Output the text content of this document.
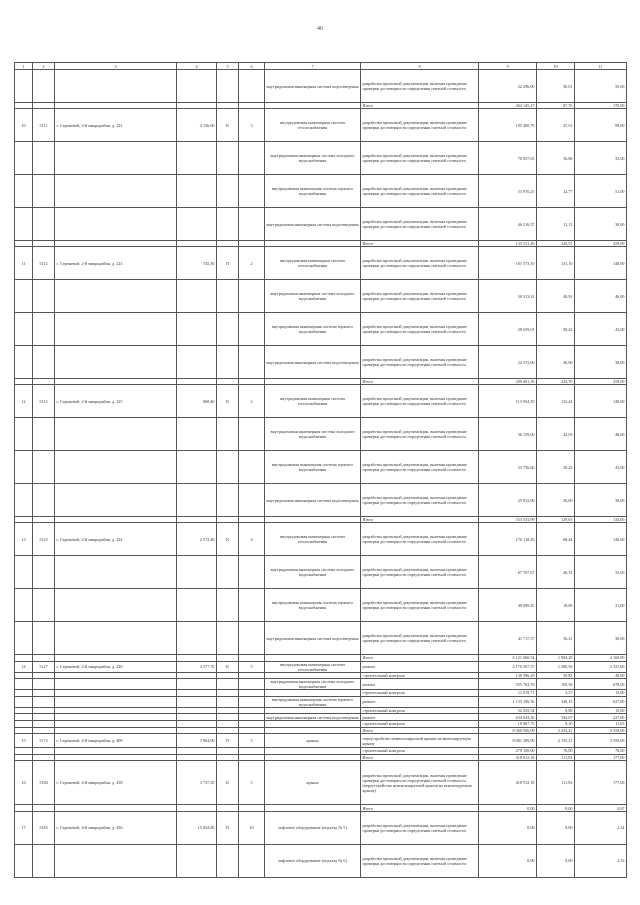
46
1	2	3	4	5	6	7	8	9	10	11
						внутридомовая инженерная система водоотведения	разработка проектной документации, включая проведение проверки достоверности определения сметной стоимости	22 296,00	30,01	50,00
							Итого	264 145,47	87,76	170,00
10	5111	г. Стрежевой, 2-й микрорайон, д. 222	4 156,60	К	5	внутридомовая инженерная система теплоснабжения	разработка проектной документации, включая проведение проверки достоверности определения сметной стоимости	195 400,79	47,01	99,00
						внутридомовая инженерная система холодного водоснабжения	разработка проектной документации, включая проведение проверки достоверности определения сметной стоимости	70 057,65	16,86	33,00
						внутридомовая инженерная система горячего водоснабжения	разработка проектной документации, включая проведение проверки достоверности определения сметной стоимости	53 970,25	12,77	51,00
						внутридомовая инженерная система водоотведения	разработка проектной документации, включая проведение проверки достоверности определения сметной стоимости	46 216,57	11,13	30,00
							Итого	135 521,20	245,51	259,00
11	5112	г. Стрежевой, 2-й микрорайон, д. 223	745,30	П	2	внутридомовая инженерная система теплоснабжения	разработка проектной документации, включая проведение проверки достоверности определения сметной стоимости	101 573,10	131,10	140,00
						внутридомовая инженерная система холодного водоснабжения	разработка проектной документации, включая проведение проверки достоверности определения сметной стоимости	30 313,31	40,91	46,00
						внутридомовая инженерная система горячего водоснабжения	разработка проектной документации, включая проведение проверки достоверности определения сметной стоимости	28 659,01	38,42	43,00
						внутридомовая инженерная система водоотведения	разработка проектной документации, включая проведение проверки достоверности определения сметной стоимости	22 372,00	30,00	30,00
							Итого	209 681,59	243,70	259,00
12	5113	г. Стрежевой, 2-й микрорайон, д. 225	860,40	К	2	внутридомовая инженерная система теплоснабжения	разработка проектной документации, включая проведение проверки достоверности определения сметной стоимости	113 954,39	132,44	140,00
						внутридомовая инженерная система холодного водоснабжения	разработка проектной документации, включая проведение проверки достоверности определения сметной стоимости	36 159,00	42,03	46,00
						внутридомовая инженерная система горячего водоснабжения	разработка проектной документации, включая проведение проверки достоверности определения сметной стоимости	33 756,60	39,23	43,00
						внутридомовая инженерная система водоотведения	разработка проектной документации, включая проведение проверки достоверности определения сметной стоимости	25 812,00	30,00	30,00
							Итого	333 533,99	129,65	134,00
13	5123	г. Стрежевой, 2-й микрорайон, д. 234	2 572,40	К	4	внутридомовая инженерная система теплоснабжения	разработка проектной документации, включая проведение проверки достоверности определения сметной стоимости	176 118,30	68,44	140,00
						внутридомовая инженерная система холодного водоснабжения	разработка проектной документации, включая проведение проверки достоверности определения сметной стоимости	67 707,67	26,31	33,00
						внутридомовая инженерная система горячего водоснабжения	разработка проектной документации, включая проведение проверки достоверности определения сметной стоимости	48 090,45	18,69	31,00
						внутридомовая инженерная система водоотведения	разработка проектной документации, включая проведение проверки достоверности определения сметной стоимости	41 717,57	16,21	30,00
							Итого	6 121 660,54	1 994,20	4 160,00
14	5127	г. Стрежевой, 2-й микрорайон, д. 236	3 277,70	К	5	внутридомовая инженерная система теплоснабжения	ремонт	4 176 507,57	1 280,56	2 527,00
							строительный контроль	130 586,29	39,84	40,00
						внутридомовая инженерная система холодного водоснабжения	ремонт	555 763,76	169,56	678,00
							строительный контроль	11 019,71	3,37	13,00
						внутридомовая инженерная система горячего водоснабжения	ремонт	1 133 196,56	346,15	627,00
							строительный контроль	32 335,54	9,88	15,00
						внутридомовая инженерная система водоотведения	ремонт	634 643,30	194,07	227,00
							строительный контроль	19 967,75	8,10	11,03
							Итого	8 360 506,09	2 233,21	3 559,00
15	5172	г. Стрежевой, 4-й микрорайон, д. 409	3 964,00	П	5	крыша	переустройство невентилируемой крыши на вентилируемую крышу	8 081 289,09	2 155,21	3 559,00
							строительный контроль	279 100,00	76,00	76,00
							Итого	418 912,18	111,92	177,00
16	5184	г. Стрежевой, 4-й микрорайон, д. 438	3 737,50	К	5	крыша	разработка проектной документации, включая проведение проверки достоверности определения сметной стоимости (переустройство невентилируемой крыши на вентилируемую крышу)	418 912,18	111,92	177,00
							Итого	0,00	0,00	4,67
17	5185	г. Стрежевой, 4-й микрорайон, д. 436	15 834,80	П	10	лифтовое оборудование (подъезд № 5)	разработка проектной документации, включая проведение проверки достоверности определения сметной стоимости	0,00	0,00	2,34
						лифтовое оборудование (подъезд № 6)	разработка проектной документации, включая проведение проверки достоверности определения сметной стоимости	0,00	0,00	2,33
